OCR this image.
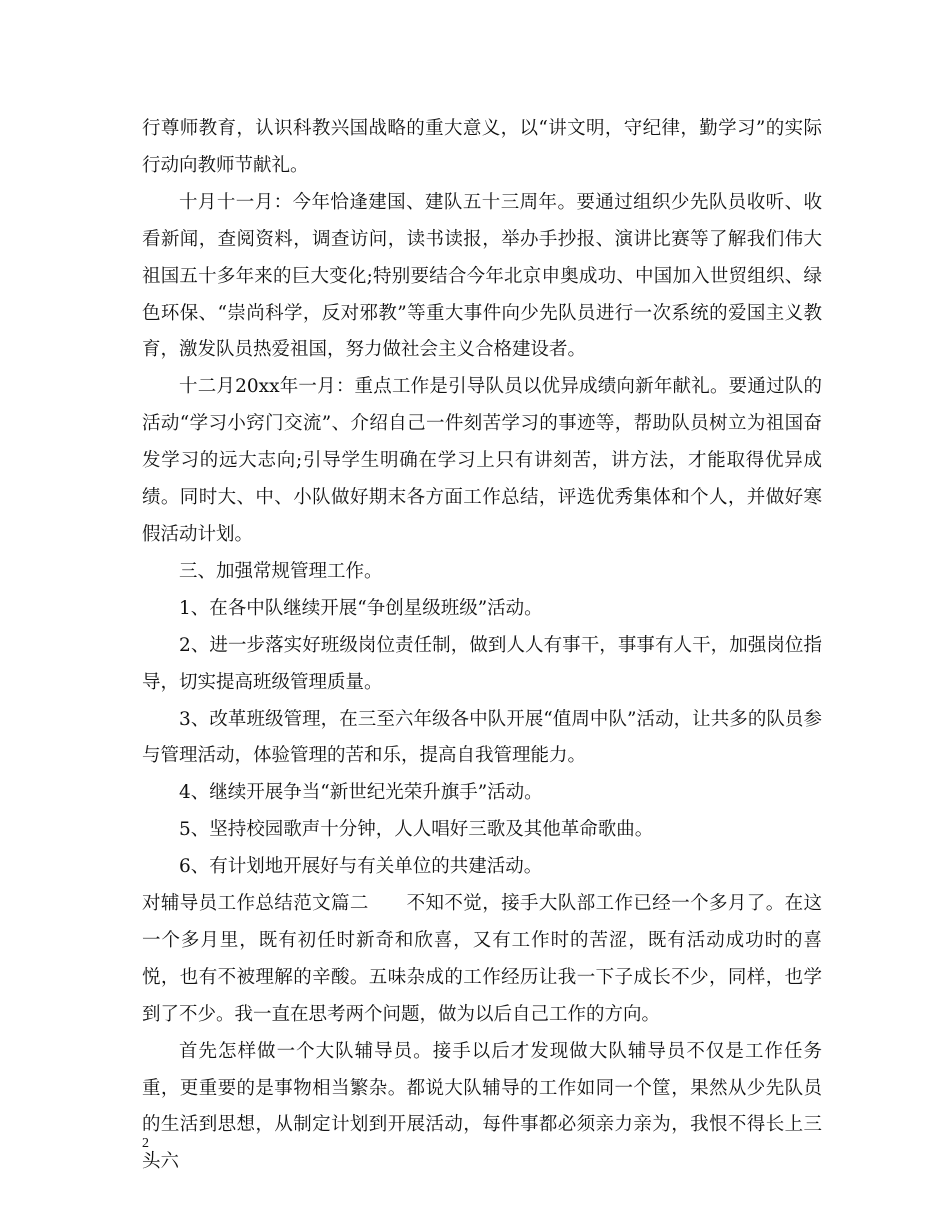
行尊师教育，认识科教兴国战略的重大意义，以“讲文明，守纪律，勤学习”的实际行动向教师节献礼。

十月十一月：今年恰逢建国、建队五十三周年。要通过组织少先队员收听、收看新闻，查阅资料，调查访问，读书读报，举办手抄报、演讲比赛等了解我们伟大祖国五十多年来的巨大变化;特别要结合今年北京申奥成功、中国加入世贸组织、绿色环保、“崇尚科学，反对邪教”等重大事件向少先队员进行一次系统的爱国主义教育，激发队员热爱祖国，努力做社会主义合格建设者。

十二月20xx年一月：重点工作是引导队员以优异成绩向新年献礼。要通过队的活动“学习小窍门交流”、介绍自己一件刻苦学习的事迹等，帮助队员树立为祖国奋发学习的远大志向;引导学生明确在学习上只有讲刻苦，讲方法，才能取得优异成绩。同时大、中、小队做好期末各方面工作总结，评选优秀集体和个人，并做好寒假活动计划。

三、加强常规管理工作。

1、在各中队继续开展“争创星级班级”活动。

2、进一步落实好班级岗位责任制，做到人人有事干，事事有人干，加强岗位指导，切实提高班级管理质量。

3、改革班级管理，在三至六年级各中队开展“值周中队”活动，让共多的队员参与管理活动，体验管理的苦和乐，提高自我管理能力。

4、继续开展争当“新世纪光荣升旗手”活动。

5、坚持校园歌声十分钟，人人唱好三歌及其他革命歌曲。

6、有计划地开展好与有关单位的共建活动。

对辅导员工作总结范文篇二　　不知不觉，接手大队部工作已经一个多月了。在这一个多月里，既有初任时新奇和欣喜，又有工作时的苦涩，既有活动成功时的喜悦，也有不被理解的辛酸。五味杂成的工作经历让我一下子成长不少，同样，也学到了不少。我一直在思考两个问题，做为以后自己工作的方向。

首先怎样做一个大队辅导员。接手以后才发现做大队辅导员不仅是工作任务重，更重要的是事物相当繁杂。都说大队辅导的工作如同一个筐，果然从少先队员的生活到思想，从制定计划到开展活动，每件事都必须亲力亲为，我恨不得长上三头六

2
